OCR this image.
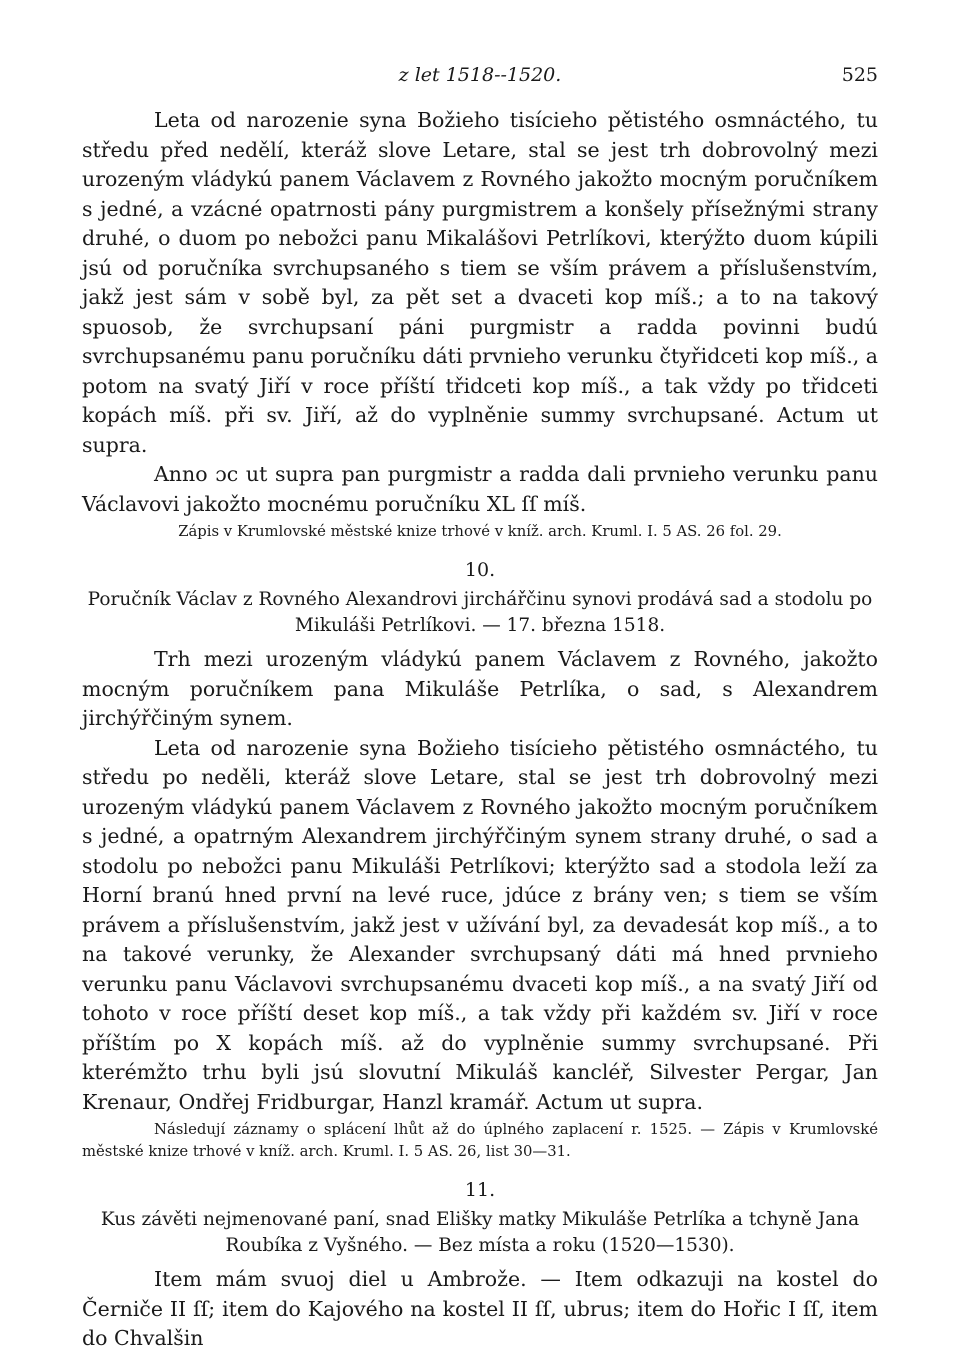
z let 1518--1520.	525

Leta od narozenie syna Božieho tisícieho pětistého osmnáctého, tu středu před nedělí, kteráž slove Letare, stal se jest trh dobrovolný mezi urozeným vládykú panem Václavem z Rovného jakožto mocným poručníkem s jedné, a vzácné opatrnosti pány purgmistrem a konšely přísežnými strany druhé, o duom po nebožci panu Mikalášovi Petrlíkovi, kterýžto duom kúpili jsú od poručníka svrchupsaného s tiem se vším právem a příslušenstvím, jakž jest sám v sobě byl, za pět set a dvaceti kop míš.; a to na takový spuosob, že svrchupsaní páni purgmistr a radda povinni budú svrchupsanému panu poručníku dáti prvnieho verunku čtyřidceti kop míš., a potom na svatý Jiří v roce příští třidceti kop míš., a tak vždy po třidceti kopách míš. při sv. Jiří, až do vyplněnie summy svrchupsané. Actum ut supra.

Anno ɔc ut supra pan purgmistr a radda dali prvnieho verunku panu Václavovi jakožto mocnému poručníku XL ſſ míš.

Zápis v Krumlovské městské knize trhové v kníž. arch. Kruml. I. 5 AS. 26 fol. 29.

10.
Poručník Václav z Rovného Alexandrovi jirchářčinu synovi prodává sad a stodolu po Mikuláši Petrlíkovi. — 17. března 1518.

Trh mezi urozeným vládykú panem Václavem z Rovného, jakožto mocným poručníkem pana Mikuláše Petrlíka, o sad, s Alexandrem jirchýřčiným synem.

Leta od narozenie syna Božieho tisícieho pětistého osmnáctého, tu středu po neděli, kteráž slove Letare, stal se jest trh dobrovolný mezi urozeným vládykú panem Václavem z Rovného jakožto mocným poručníkem s jedné, a opatrným Alexandrem jirchýřčiným synem strany druhé, o sad a stodolu po nebožci panu Mikuláši Petrlíkovi; kterýžto sad a stodola leží za Horní branú hned první na levé ruce, jdúce z brány ven; s tiem se vším právem a příslušenstvím, jakž jest v užívání byl, za devadesát kop míš., a to na takové verunky, že Alexander svrchupsaný dáti má hned prvnieho verunku panu Václavovi svrchupsanému dvaceti kop míš., a na svatý Jiří od tohoto v roce příští deset kop míš., a tak vždy při každém sv. Jiří v roce příštím po X kopách míš. až do vyplněnie summy svrchupsané. Při kterémžto trhu byli jsú slovutní Mikuláš kancléř, Silvester Pergar, Jan Krenaur, Ondřej Fridburgar, Hanzl kramář. Actum ut supra.

Následují záznamy o splácení lhůt až do úplného zaplacení r. 1525. — Zápis v Krumlovské městské knize trhové v kníž. arch. Kruml. I. 5 AS. 26, list 30—31.

11.
Kus závěti nejmenované paní, snad Elišky matky Mikuláše Petrlíka a tchyně Jana Roubíka z Vyšného. — Bez místa a roku (1520—1530).

Item mám svuoj diel u Ambrože. — Item odkazuji na kostel do Černiče II ſſ; item do Kajového na kostel II ſſ, ubrus; item do Hořic I ſſ, item do Chvalšin
